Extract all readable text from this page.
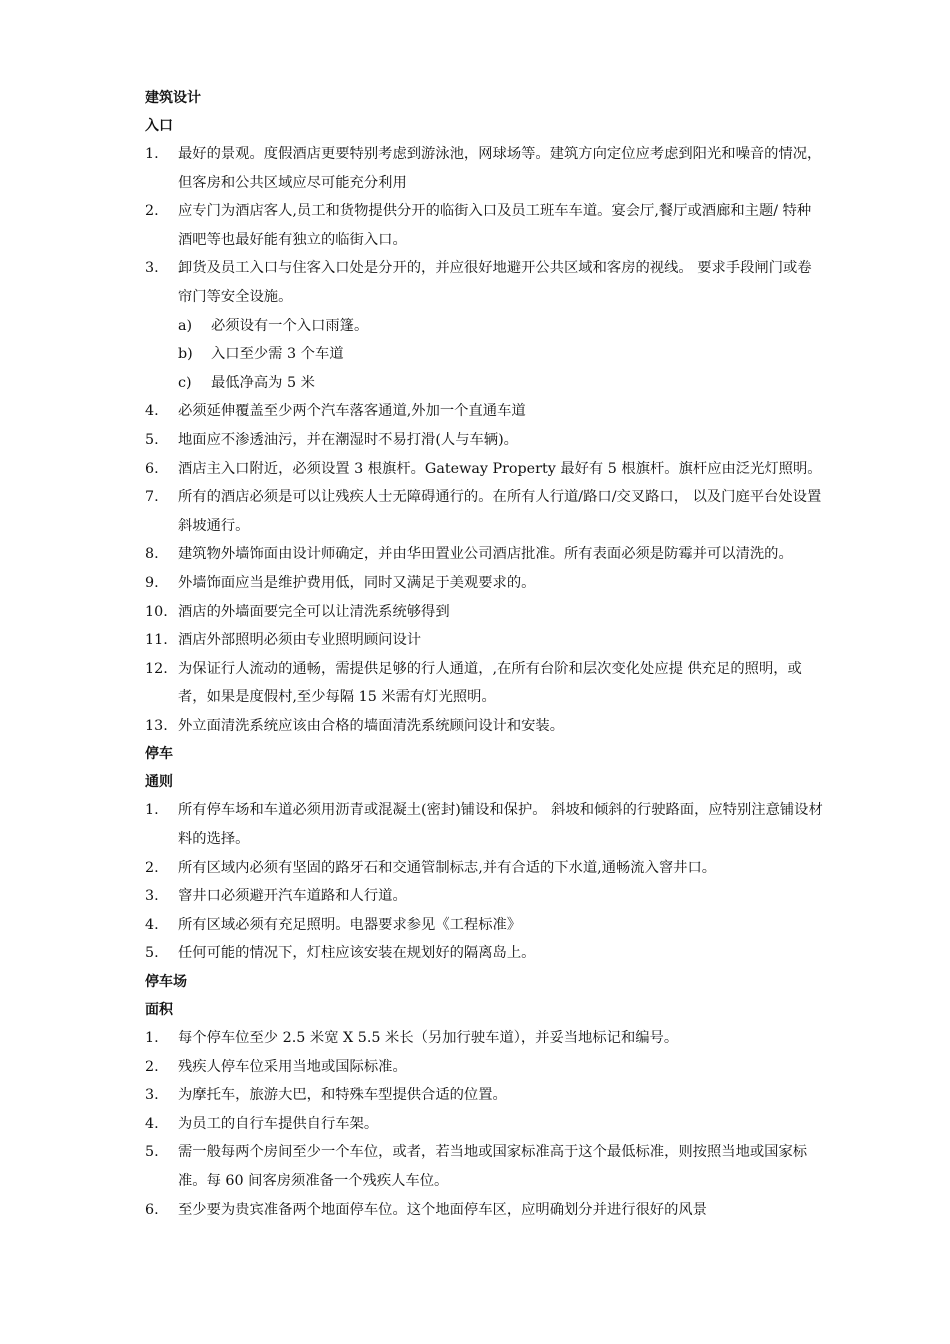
建筑设计
入口
1. 最好的景观。度假酒店更要特别考虑到游泳池，网球场等。建筑方向定位应考虑到阳光和噪音的情况，但客房和公共区域应尽可能充分利用
2. 应专门为酒店客人,员工和货物提供分开的临街入口及员工班车车道。宴会厅,餐厅或酒廊和主题/ 特种酒吧等也最好能有独立的临街入口。
3. 卸货及员工入口与住客入口处是分开的，并应很好地避开公共区域和客房的视线。 要求手段闸门或卷帘门等安全设施。
a) 必须设有一个入口雨篷。
b) 入口至少需 3 个车道
c) 最低净高为 5 米
4. 必须延伸覆盖至少两个汽车落客通道,外加一个直通车道
5. 地面应不渗透油污，并在潮湿时不易打滑(人与车辆)。
6. 酒店主入口附近，必须设置 3 根旗杆。Gateway Property 最好有 5 根旗杆。旗杆应由泛光灯照明。
7. 所有的酒店必须是可以让残疾人士无障碍通行的。在所有人行道/路口/交叉路口， 以及门庭平台处设置斜坡通行。
8. 建筑物外墙饰面由设计师确定，并由华田置业公司酒店批准。所有表面必须是防霉并可以清洗的。
9. 外墙饰面应当是维护费用低，同时又满足于美观要求的。
10. 酒店的外墙面要完全可以让清洗系统够得到
11. 酒店外部照明必须由专业照明顾问设计
12. 为保证行人流动的通畅，需提供足够的行人通道，,在所有台阶和层次变化处应提 供充足的照明，或者，如果是度假村,至少每隔 15 米需有灯光照明。
13. 外立面清洗系统应该由合格的墙面清洗系统顾问设计和安装。
停车
通则
1. 所有停车场和车道必须用沥青或混凝土(密封)铺设和保护。 斜坡和倾斜的行驶路面，应特别注意铺设材料的选择。
2. 所有区域内必须有坚固的路牙石和交通管制标志,并有合适的下水道,通畅流入窨井口。
3. 窨井口必须避开汽车道路和人行道。
4. 所有区域必须有充足照明。电器要求参见《工程标准》
5. 任何可能的情况下，灯柱应该安装在规划好的隔离岛上。
停车场
面积
1. 每个停车位至少 2.5 米宽 X 5.5 米长（另加行驶车道），并妥当地标记和编号。
2. 残疾人停车位采用当地或国际标准。
3. 为摩托车，旅游大巴，和特殊车型提供合适的位置。
4. 为员工的自行车提供自行车架。
5. 需一般每两个房间至少一个车位，或者，若当地或国家标准高于这个最低标准，则按照当地或国家标准。每 60 间客房须准备一个残疾人车位。
6. 至少要为贵宾准备两个地面停车位。这个地面停车区，应明确划分并进行很好的风景
